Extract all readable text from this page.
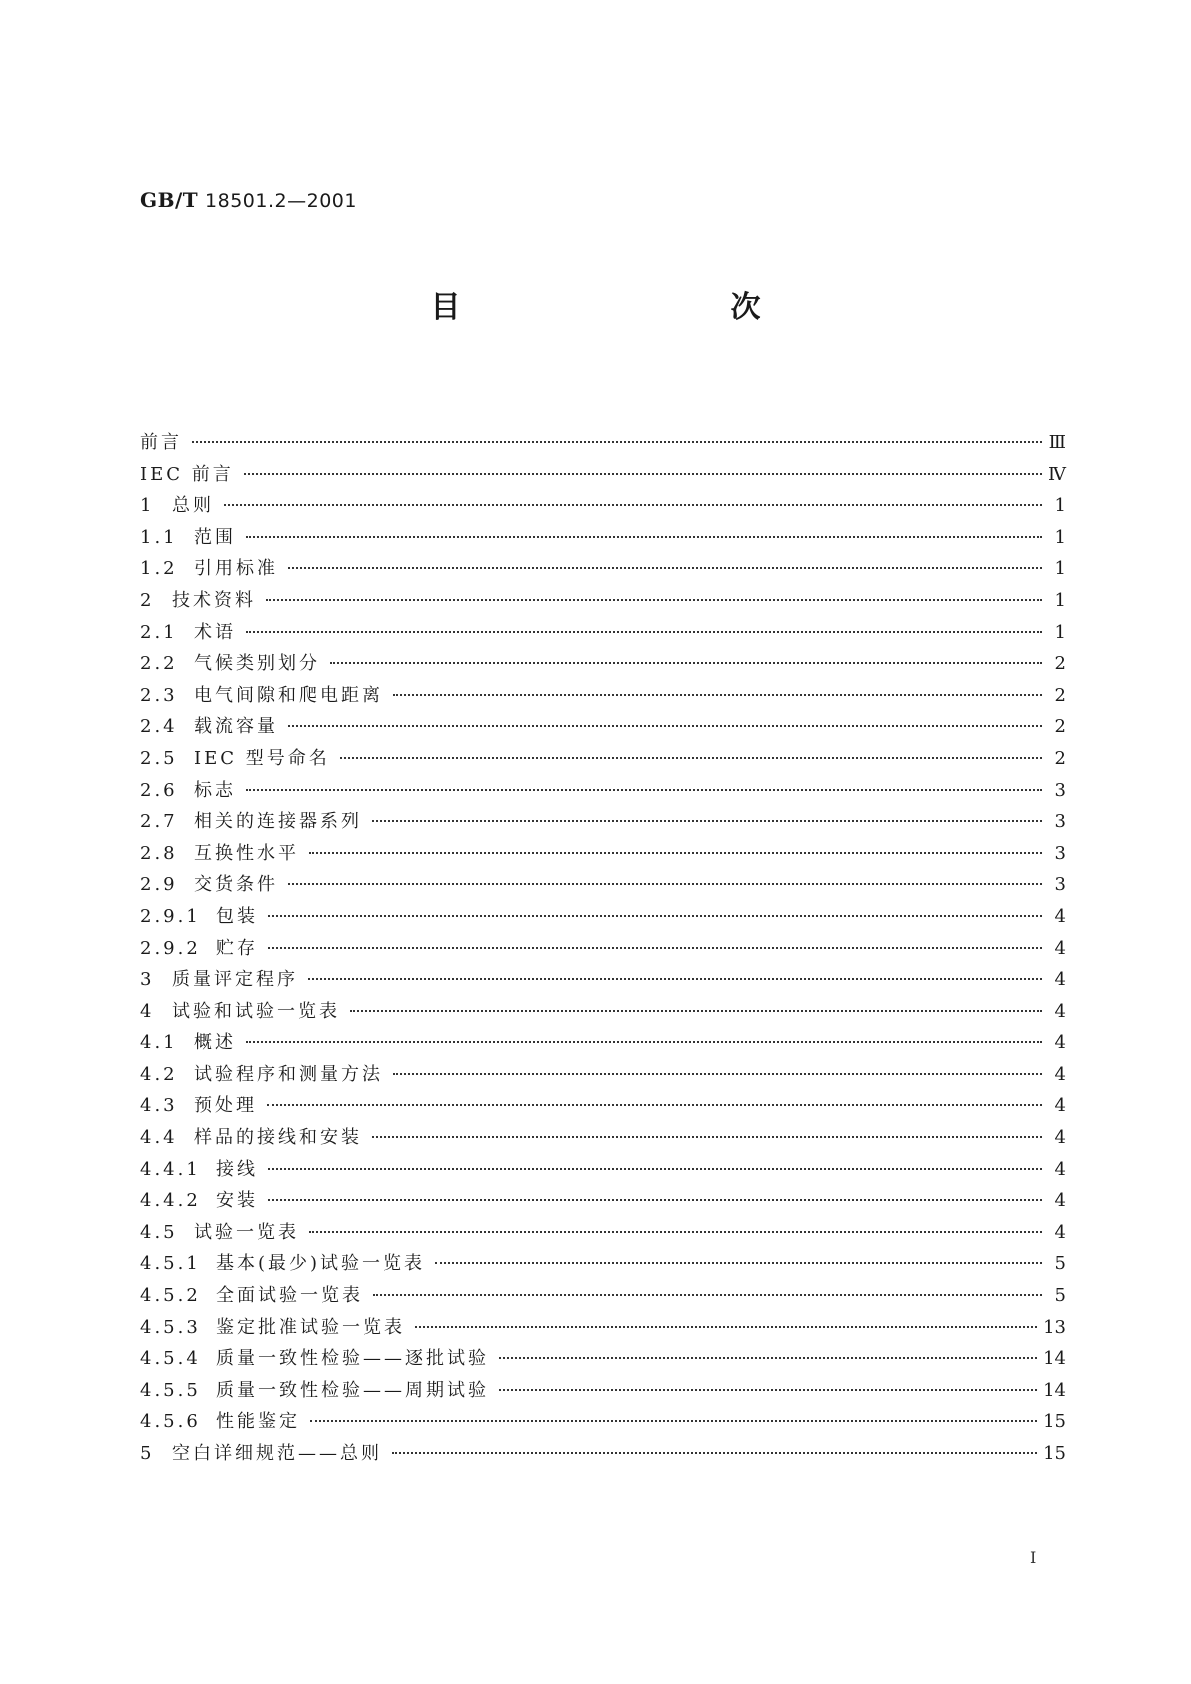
GB/T 18501.2—2001
目　　次
前言	Ⅲ
IEC 前言	Ⅳ
1 总则	1
1.1 范围	1
1.2 引用标准	1
2 技术资料	1
2.1 术语	1
2.2 气候类别划分	2
2.3 电气间隙和爬电距离	2
2.4 载流容量	2
2.5 IEC 型号命名	2
2.6 标志	3
2.7 相关的连接器系列	3
2.8 互换性水平	3
2.9 交货条件	3
2.9.1 包装	4
2.9.2 贮存	4
3 质量评定程序	4
4 试验和试验一览表	4
4.1 概述	4
4.2 试验程序和测量方法	4
4.3 预处理	4
4.4 样品的接线和安装	4
4.4.1 接线	4
4.4.2 安装	4
4.5 试验一览表	4
4.5.1 基本(最少)试验一览表	5
4.5.2 全面试验一览表	5
4.5.3 鉴定批准试验一览表	13
4.5.4 质量一致性检验——逐批试验	14
4.5.5 质量一致性检验——周期试验	14
4.5.6 性能鉴定	15
5 空白详细规范——总则	15
I
